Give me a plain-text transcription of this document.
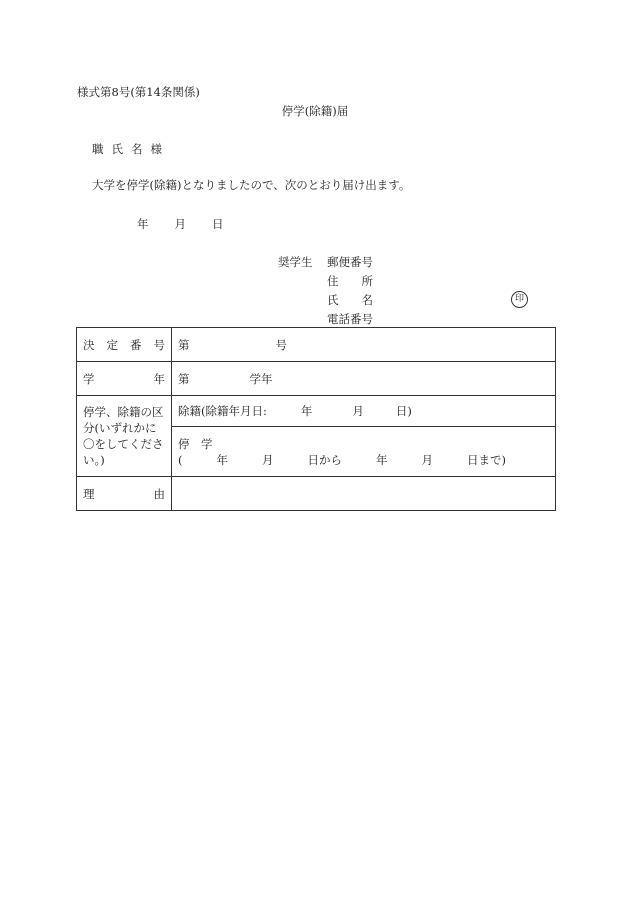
様式第8号(第14条関係)
停学(除籍)届
職氏名様
大学を停学(除籍)となりましたので、次のとおり届け出ます。
年 月 日
奨学生 郵便番号
住　　所
氏　　名	印
電話番号
決 定 番 号	第 号

学 年	第 学年
停学、除籍の区分(いずれかに〇をしてください。)	除籍(除籍年月日: 年 月 日)

	停　学
( 年 月 日から 年 月 日まで)

理 由	
